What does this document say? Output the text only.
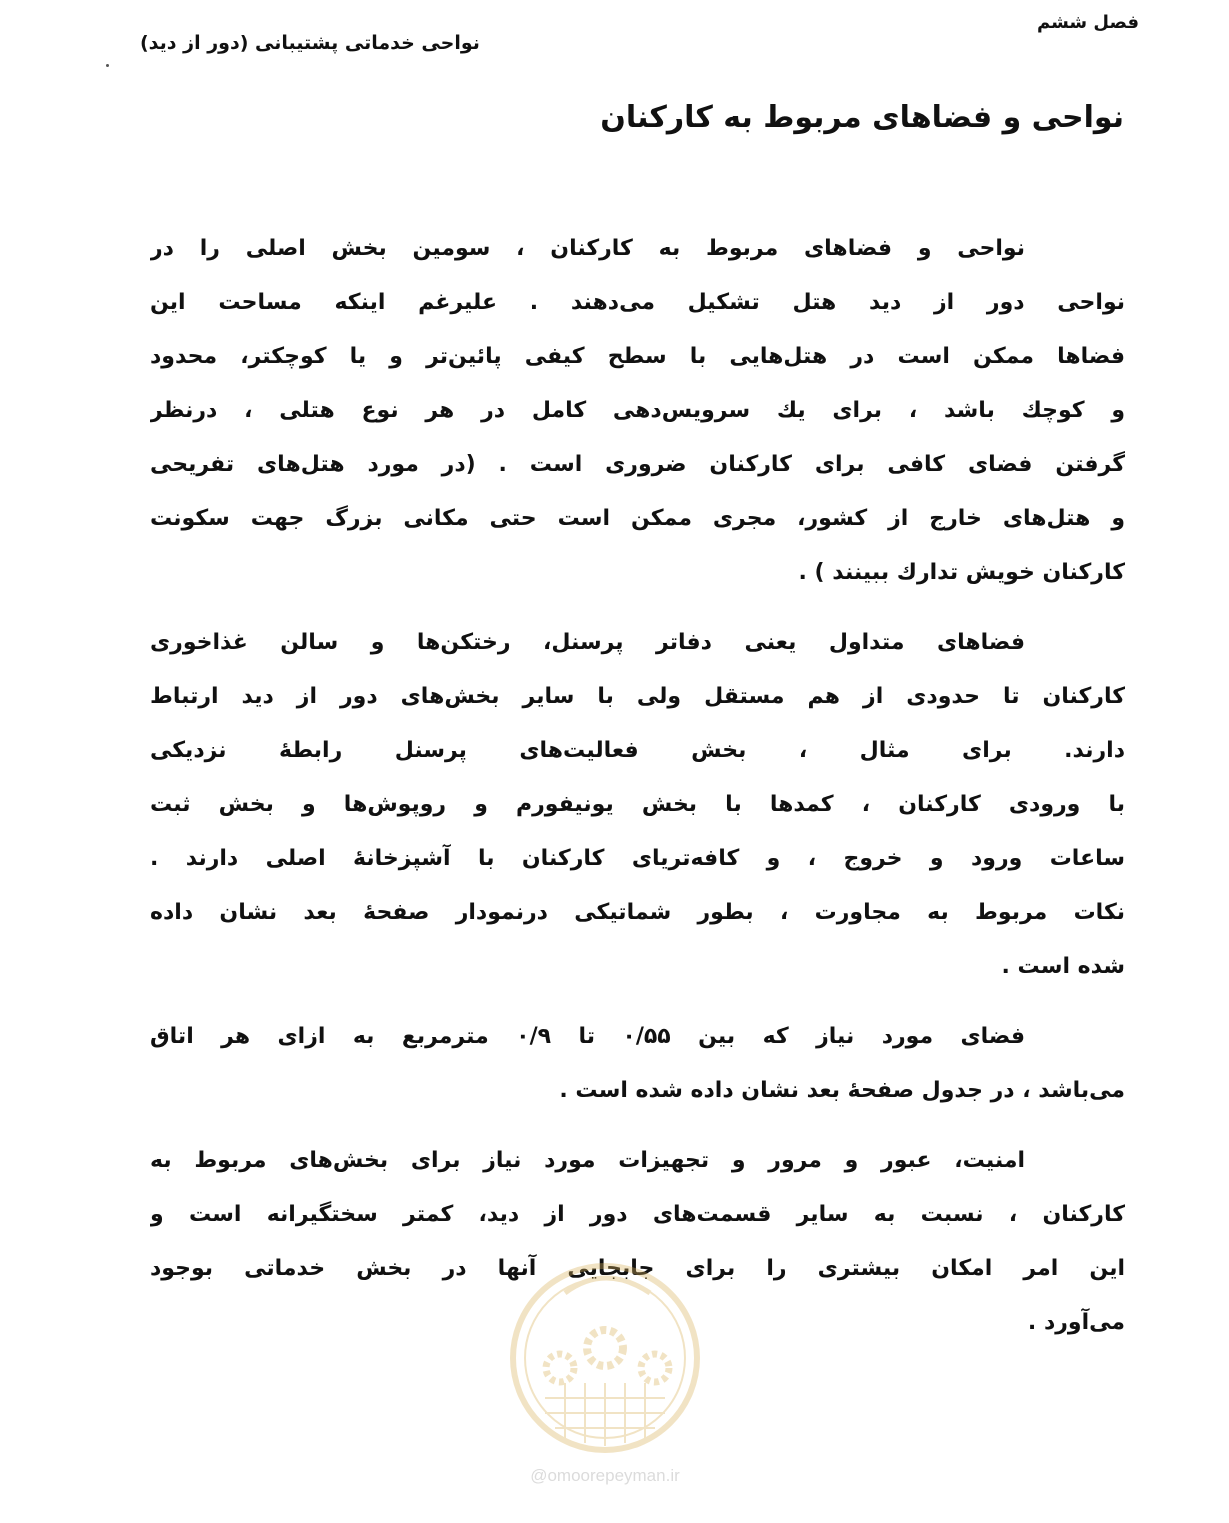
فصل ششم
نواحی خدماتی پشتیبانی (دور از دید)
نواحی و فضاهای مربوط به کارکنان
نواحی و فضاهای مربوط به کارکنان ، سومین بخش اصلی را در
نواحی دور از دید هتل تشکیل می‌دهند . علیرغم اینکه مساحت این
فضاها ممکن است در هتل‌هایی با سطح کیفی پائین‌تر و یا کوچکتر، محدود
و کوچك باشد ، برای یك سرویس‌دهی کامل در هر نوع هتلی ، درنظر
گرفتن فضای کافی برای کارکنان ضروری است . (در مورد هتل‌های تفریحی
و هتل‌های خارج از کشور، مجری ممکن است حتی مکانی بزرگ جهت سکونت
کارکنان خویش تدارك ببینند ) .
فضاهای متداول یعنی دفاتر پرسنل، رختکن‌ها و سالن غذاخوری
کارکنان تا حدودی از هم مستقل ولی با سایر بخش‌های دور از دید ارتباط
دارند. برای مثال ، بخش فعالیت‌های پرسنل رابطهٔ نزدیکی
با ورودی کارکنان ، کمدها با بخش یونیفورم و روپوش‌ها و بخش ثبت
ساعات ورود و خروج ، و کافه‌تریای کارکنان با آشپزخانهٔ اصلی دارند .
نکات مربوط به مجاورت ، بطور شماتیکی درنمودار صفحهٔ بعد نشان داده
شده است .
فضای مورد نیاز که بین ۰/۵۵ تا ۰/۹ مترمربع به ازای هر اتاق
می‌باشد ، در جدول صفحهٔ بعد نشان داده شده است .
امنیت، عبور و مرور و تجهیزات مورد نیاز برای بخش‌های مربوط به
کارکنان ، نسبت به سایر قسمت‌های دور از دید، کمتر سختگیرانه است و
این امر امکان بیشتری را برای جابجایی آنها در بخش خدماتی بوجود
می‌آورد .
@omoorepeyman.ir
